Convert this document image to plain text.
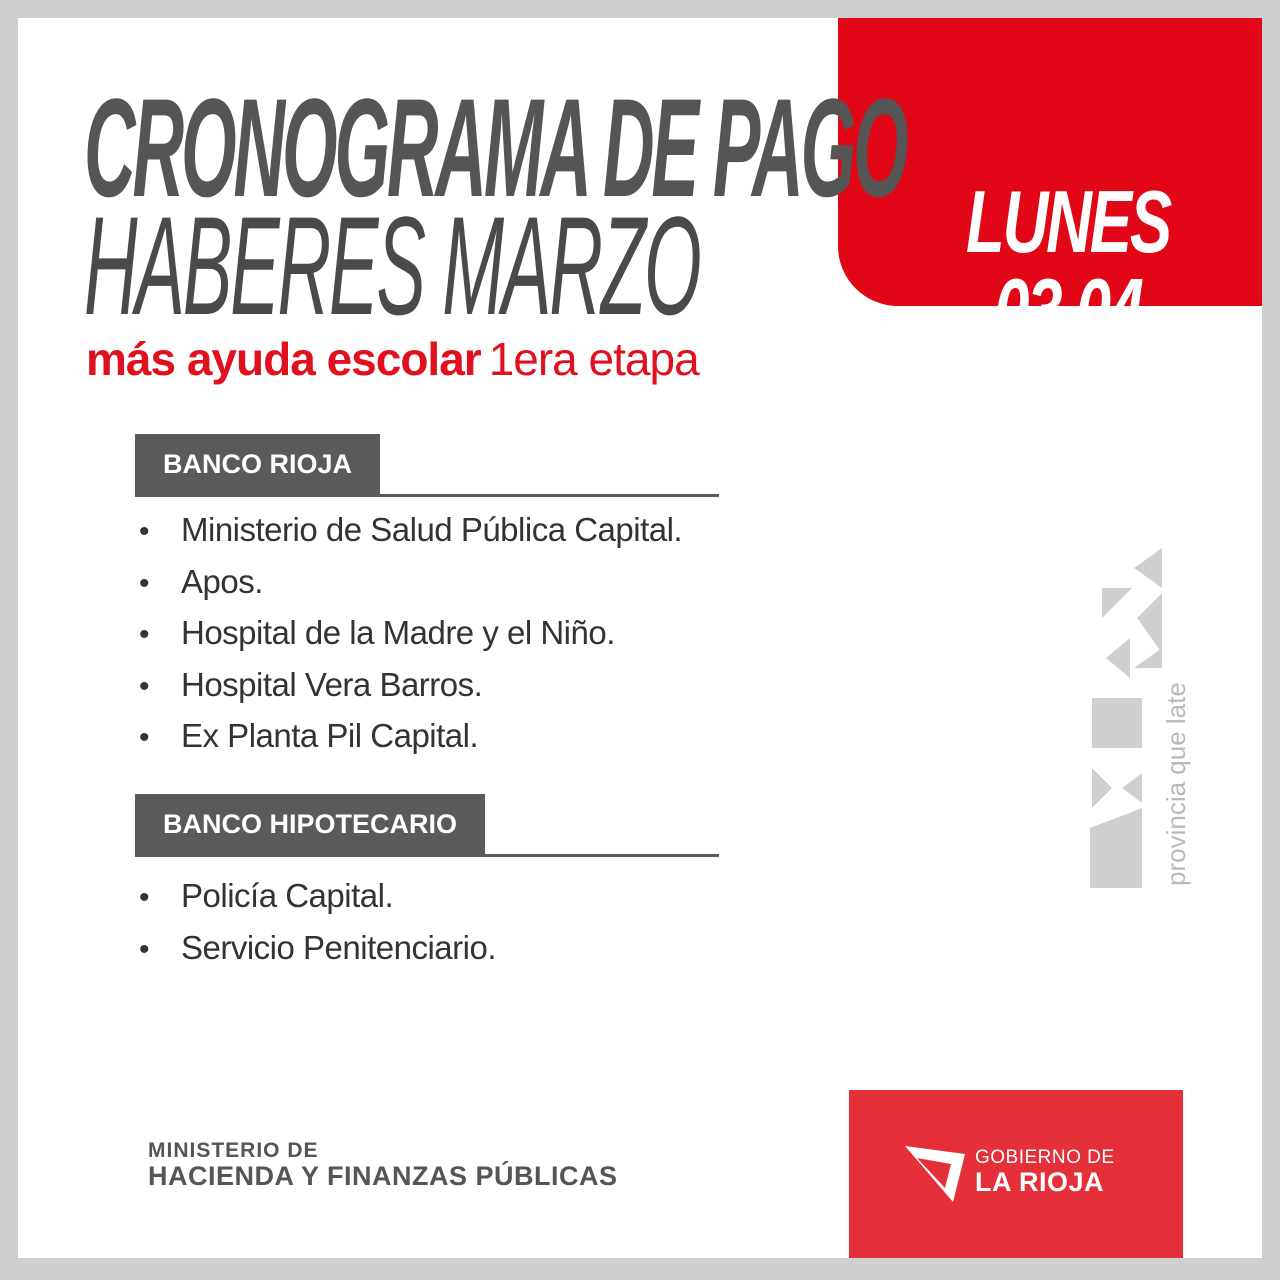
LUNES 03.04
CRONOGRAMA DE PAGO
HABERES MARZO
más ayuda escolar 1era etapa
BANCO RIOJA
• Ministerio de Salud Pública Capital.
• Apos.
• Hospital de la Madre y el Niño.
• Hospital Vera Barros.
• Ex Planta Pil Capital.
BANCO HIPOTECARIO
• Policía Capital.
• Servicio Penitenciario.
provincia que late
MINISTERIO DE
HACIENDA Y FINANZAS PÚBLICAS
GOBIERNO DE
LA RIOJA
